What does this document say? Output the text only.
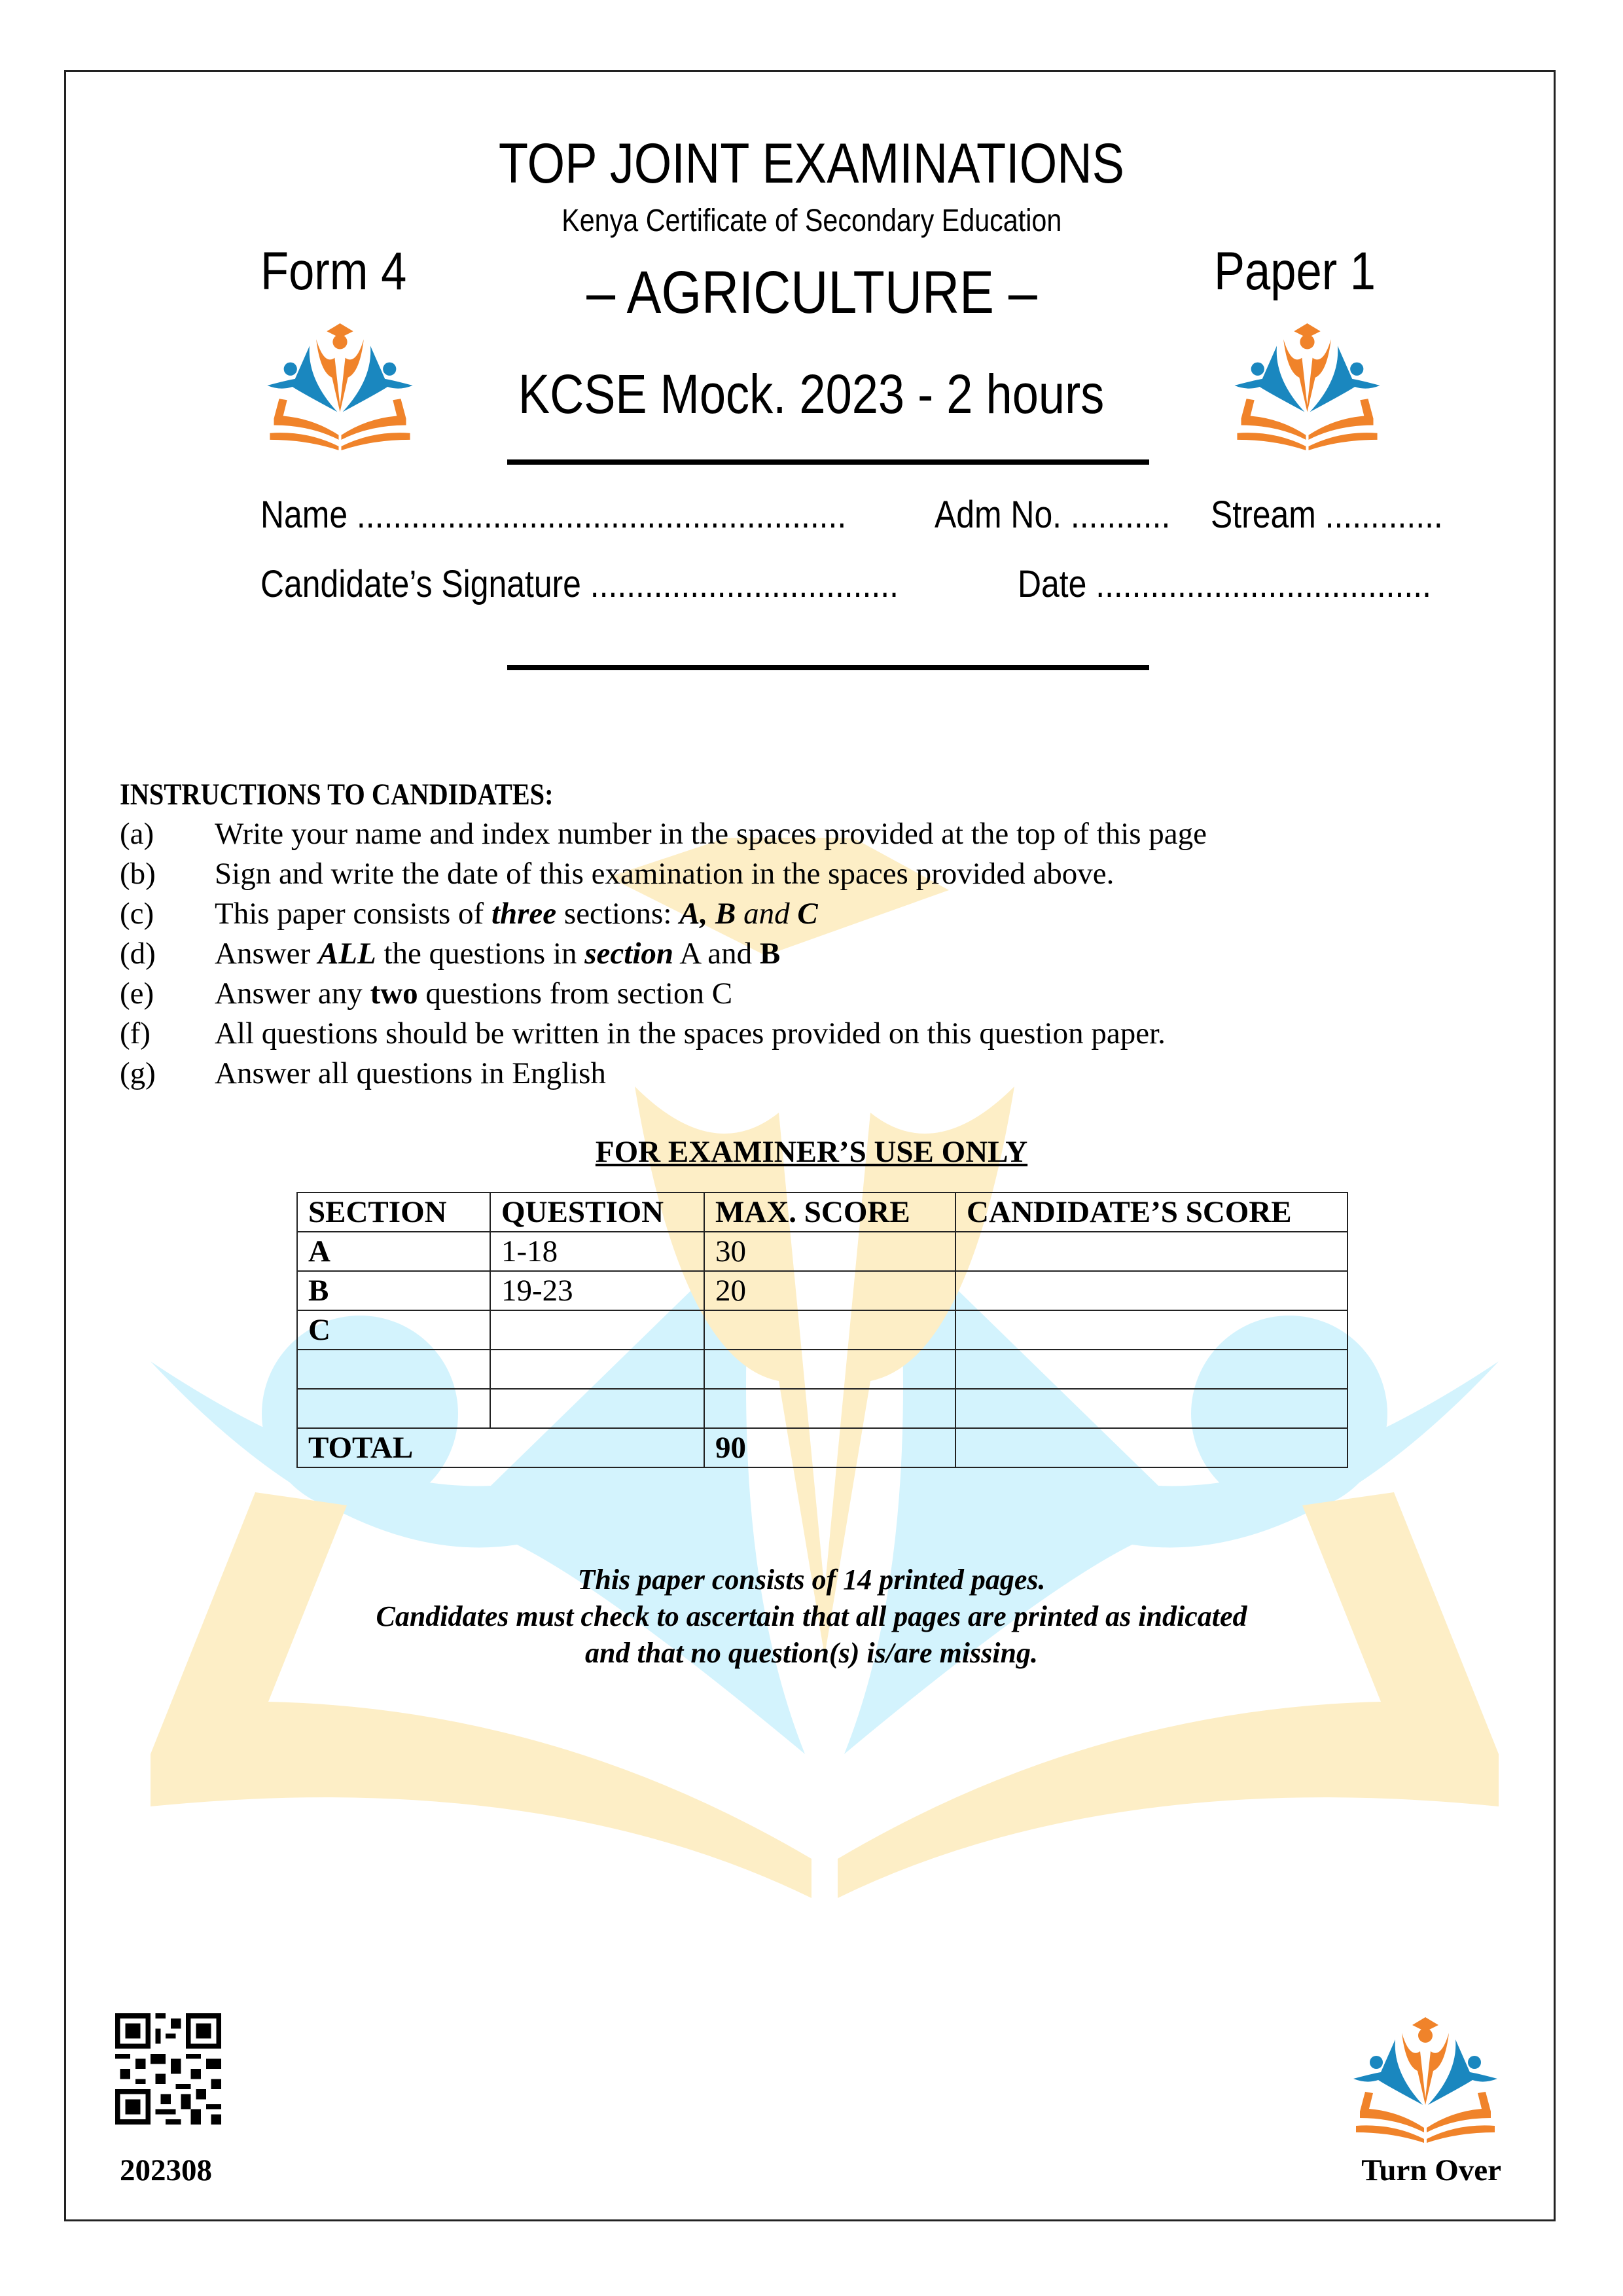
TOP JOINT EXAMINATIONS
Kenya Certificate of Secondary Education
Form 4	– AGRICULTURE –	Paper 1
KCSE Mock. 2023 - 2 hours
Name ......................................................	Adm No. ...........	Stream .............
Candidate’s Signature ..................................	Date .....................................
INSTRUCTIONS TO CANDIDATES:
(a) Write your name and index number in the spaces provided at the top of this page
(b) Sign and write the date of this examination in the spaces provided above.
(c) This paper consists of three sections: A, B and C
(d) Answer ALL the questions in section A and B
(e) Answer any two questions from section C
(f) All questions should be written in the spaces provided on this question paper.
(g) Answer all questions in English
FOR EXAMINER’S USE ONLY
SECTION	QUESTION	MAX. SCORE	CANDIDATE’S SCORE
A	1-18	30	
B	19-23	20	
C			

TOTAL		90	
This paper consists of 14 printed pages.
Candidates must check to ascertain that all pages are printed as indicated
and that no question(s) is/are missing.
202308	Turn Over
